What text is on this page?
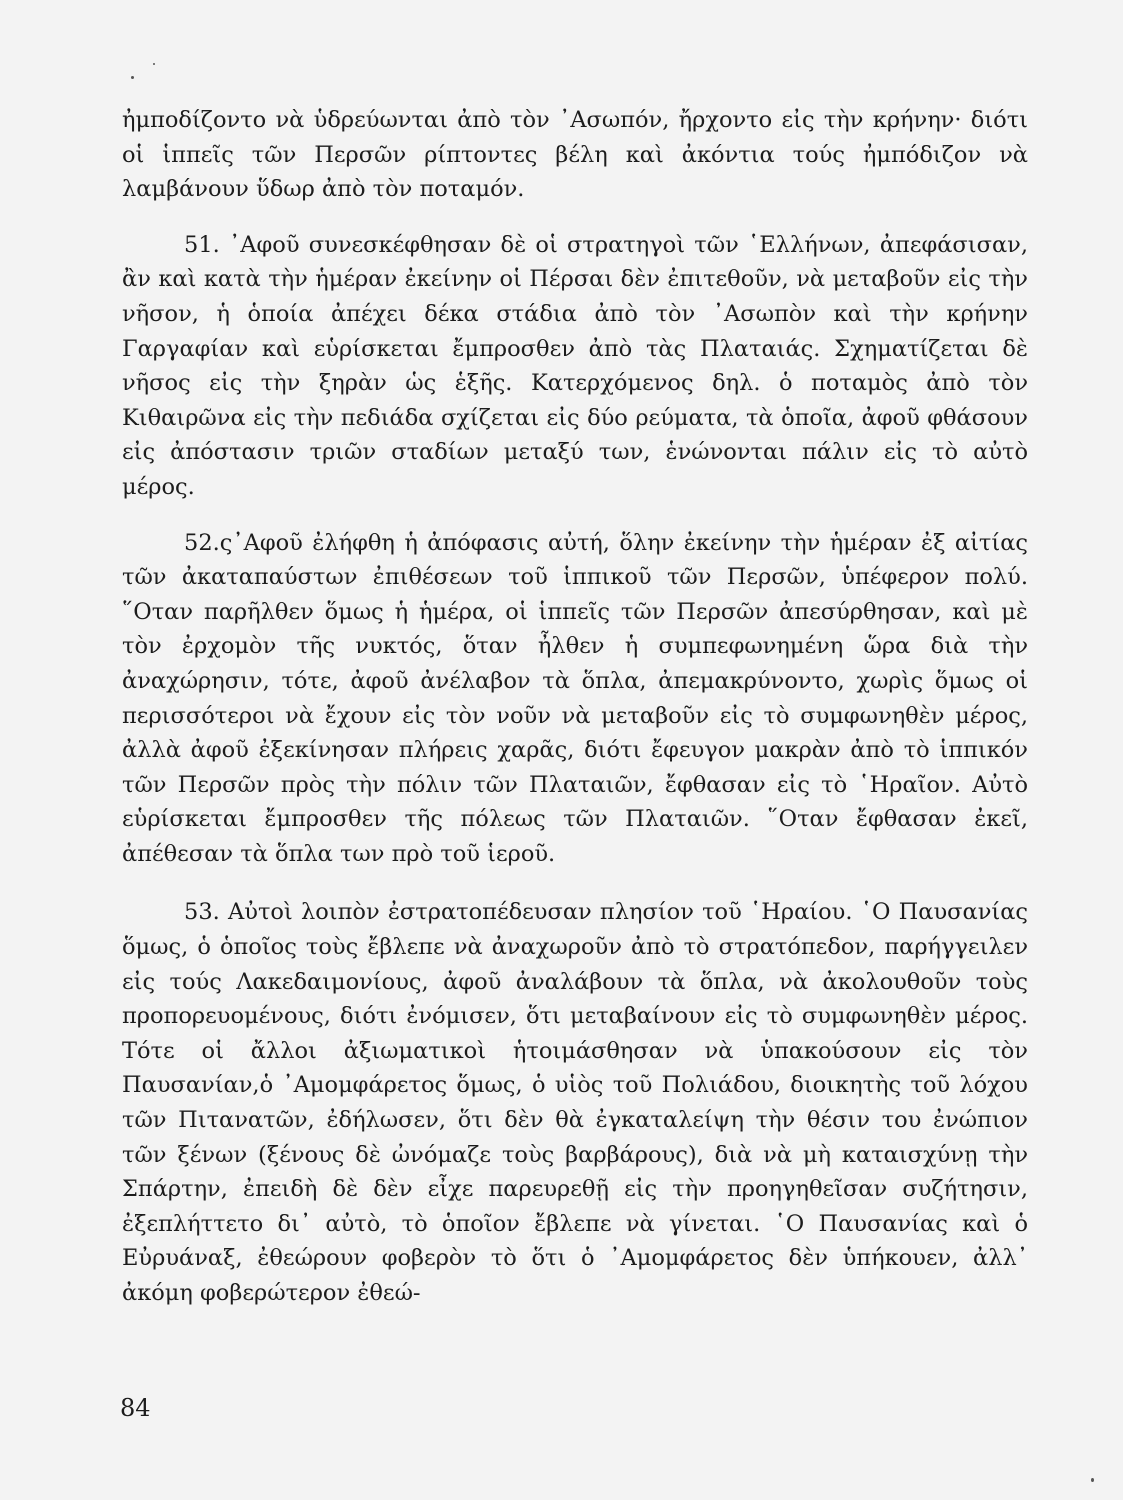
ἠμποδίζοντο νὰ ὑδρεύωνται ἀπὸ τὸν ᾿Ασωπόν, ἤρχοντο εἰς τὴν κρήνην· διότι οἱ ἱππεῖς τῶν Περσῶν ρίπτοντες βέλη καὶ ἀκόντια τούς ἠμπόδιζον νὰ λαμβάνουν ὕδωρ ἀπὸ τὸν ποταμόν.

51. ᾿Αφοῦ συνεσκέφθησαν δὲ οἱ στρατηγοὶ τῶν ῾Ελλήνων, ἀπεφάσισαν, ἂν καὶ κατὰ τὴν ἡμέραν ἐκείνην οἱ Πέρσαι δὲν ἐπιτεθοῦν, νὰ μεταβοῦν εἰς τὴν νῆσον, ἡ ὁποία ἀπέχει δέκα στάδια ἀπὸ τὸν ᾿Ασωπὸν καὶ τὴν κρήνην Γαργαφίαν καὶ εὑρίσκεται ἔμπροσθεν ἀπὸ τὰς Πλαταιάς. Σχηματίζεται δὲ νῆσος εἰς τὴν ξηρὰν ὡς ἑξῆς. Κατερχόμενος δηλ. ὁ ποταμὸς ἀπὸ τὸν Κιθαιρῶνα εἰς τὴν πεδιάδα σχίζεται εἰς δύο ρεύματα, τὰ ὁποῖα, ἀφοῦ φθάσουν εἰς ἀπόστασιν τριῶν σταδίων μεταξύ των, ἑνώνονται πάλιν εἰς τὸ αὐτὸ μέρος.

52.ς᾿Αφοῦ ἐλήφθη ἡ ἀπόφασις αὐτή, ὅλην ἐκείνην τὴν ἡμέραν ἐξ αἰτίας τῶν ἀκαταπαύστων ἐπιθέσεων τοῦ ἱππικοῦ τῶν Περσῶν, ὑπέφερον πολύ. ῞Οταν παρῆλθεν ὅμως ἡ ἡμέρα, οἱ ἱππεῖς τῶν Περσῶν ἀπεσύρθησαν, καὶ μὲ τὸν ἐρχομὸν τῆς νυκτός, ὅταν ἦλθεν ἡ συμπεφωνημένη ὥρα διὰ τὴν ἀναχώρησιν, τότε, ἀφοῦ ἀνέλαβον τὰ ὅπλα, ἀπεμακρύνοντο, χωρὶς ὅμως οἱ περισσότεροι νὰ ἔχουν εἰς τὸν νοῦν νὰ μεταβοῦν εἰς τὸ συμφωνηθὲν μέρος, ἀλλὰ ἀφοῦ ἐξεκίνησαν πλήρεις χαρᾶς, διότι ἔφευγον μακρὰν ἀπὸ τὸ ἱππικόν τῶν Περσῶν πρὸς τὴν πόλιν τῶν Πλαταιῶν, ἔφθασαν εἰς τὸ ῾Ηραῖον. Αὐτὸ εὑρίσκεται ἔμπροσθεν τῆς πόλεως τῶν Πλαταιῶν. ῞Οταν ἔφθασαν ἐκεῖ, ἀπέθεσαν τὰ ὅπλα των πρὸ τοῦ ἱεροῦ.

53. Αὐτοὶ λοιπὸν ἐστρατοπέδευσαν πλησίον τοῦ ῾Ηραίου. ῾Ο Παυσανίας ὅμως, ὁ ὁποῖος τοὺς ἔβλεπε νὰ ἀναχωροῦν ἀπὸ τὸ στρατόπεδον, παρήγγειλεν εἰς τούς Λακεδαιμονίους, ἀφοῦ ἀναλάβουν τὰ ὅπλα, νὰ ἀκολουθοῦν τοὺς προπορευομένους, διότι ἐνόμισεν, ὅτι μεταβαίνουν εἰς τὸ συμφωνηθὲν μέρος. Τότε οἱ ἄλλοι ἀξιωματικοὶ ἡτοιμάσθησαν νὰ ὑπακούσουν εἰς τὸν Παυσανίαν,ὁ ᾿Αμομφάρετος ὅμως, ὁ υἱὸς τοῦ Πολιάδου, διοικητὴς τοῦ λόχου τῶν Πιτανατῶν, ἐδήλωσεν, ὅτι δὲν θὰ ἐγκαταλείψη τὴν θέσιν του ἐνώπιον τῶν ξένων (ξένους δὲ ὠνόμαζε τοὺς βαρβάρους), διὰ νὰ μὴ καταισχύνῃ τὴν Σπάρτην, ἐπειδὴ δὲ δὲν εἶχε παρευρεθῇ εἰς τὴν προηγηθεῖσαν συζήτησιν, ἐξεπλήττετο δι᾿ αὐτὸ, τὸ ὁποῖον ἔβλεπε νὰ γίνεται. ῾Ο Παυσανίας καὶ ὁ Εὐρυάναξ, ἐθεώρουν φοβερὸν τὸ ὅτι ὁ ᾿Αμομφάρετος δὲν ὑπήκουεν, ἀλλ᾿ ἀκόμη φοβερώτερον ἐθεώ-

84
